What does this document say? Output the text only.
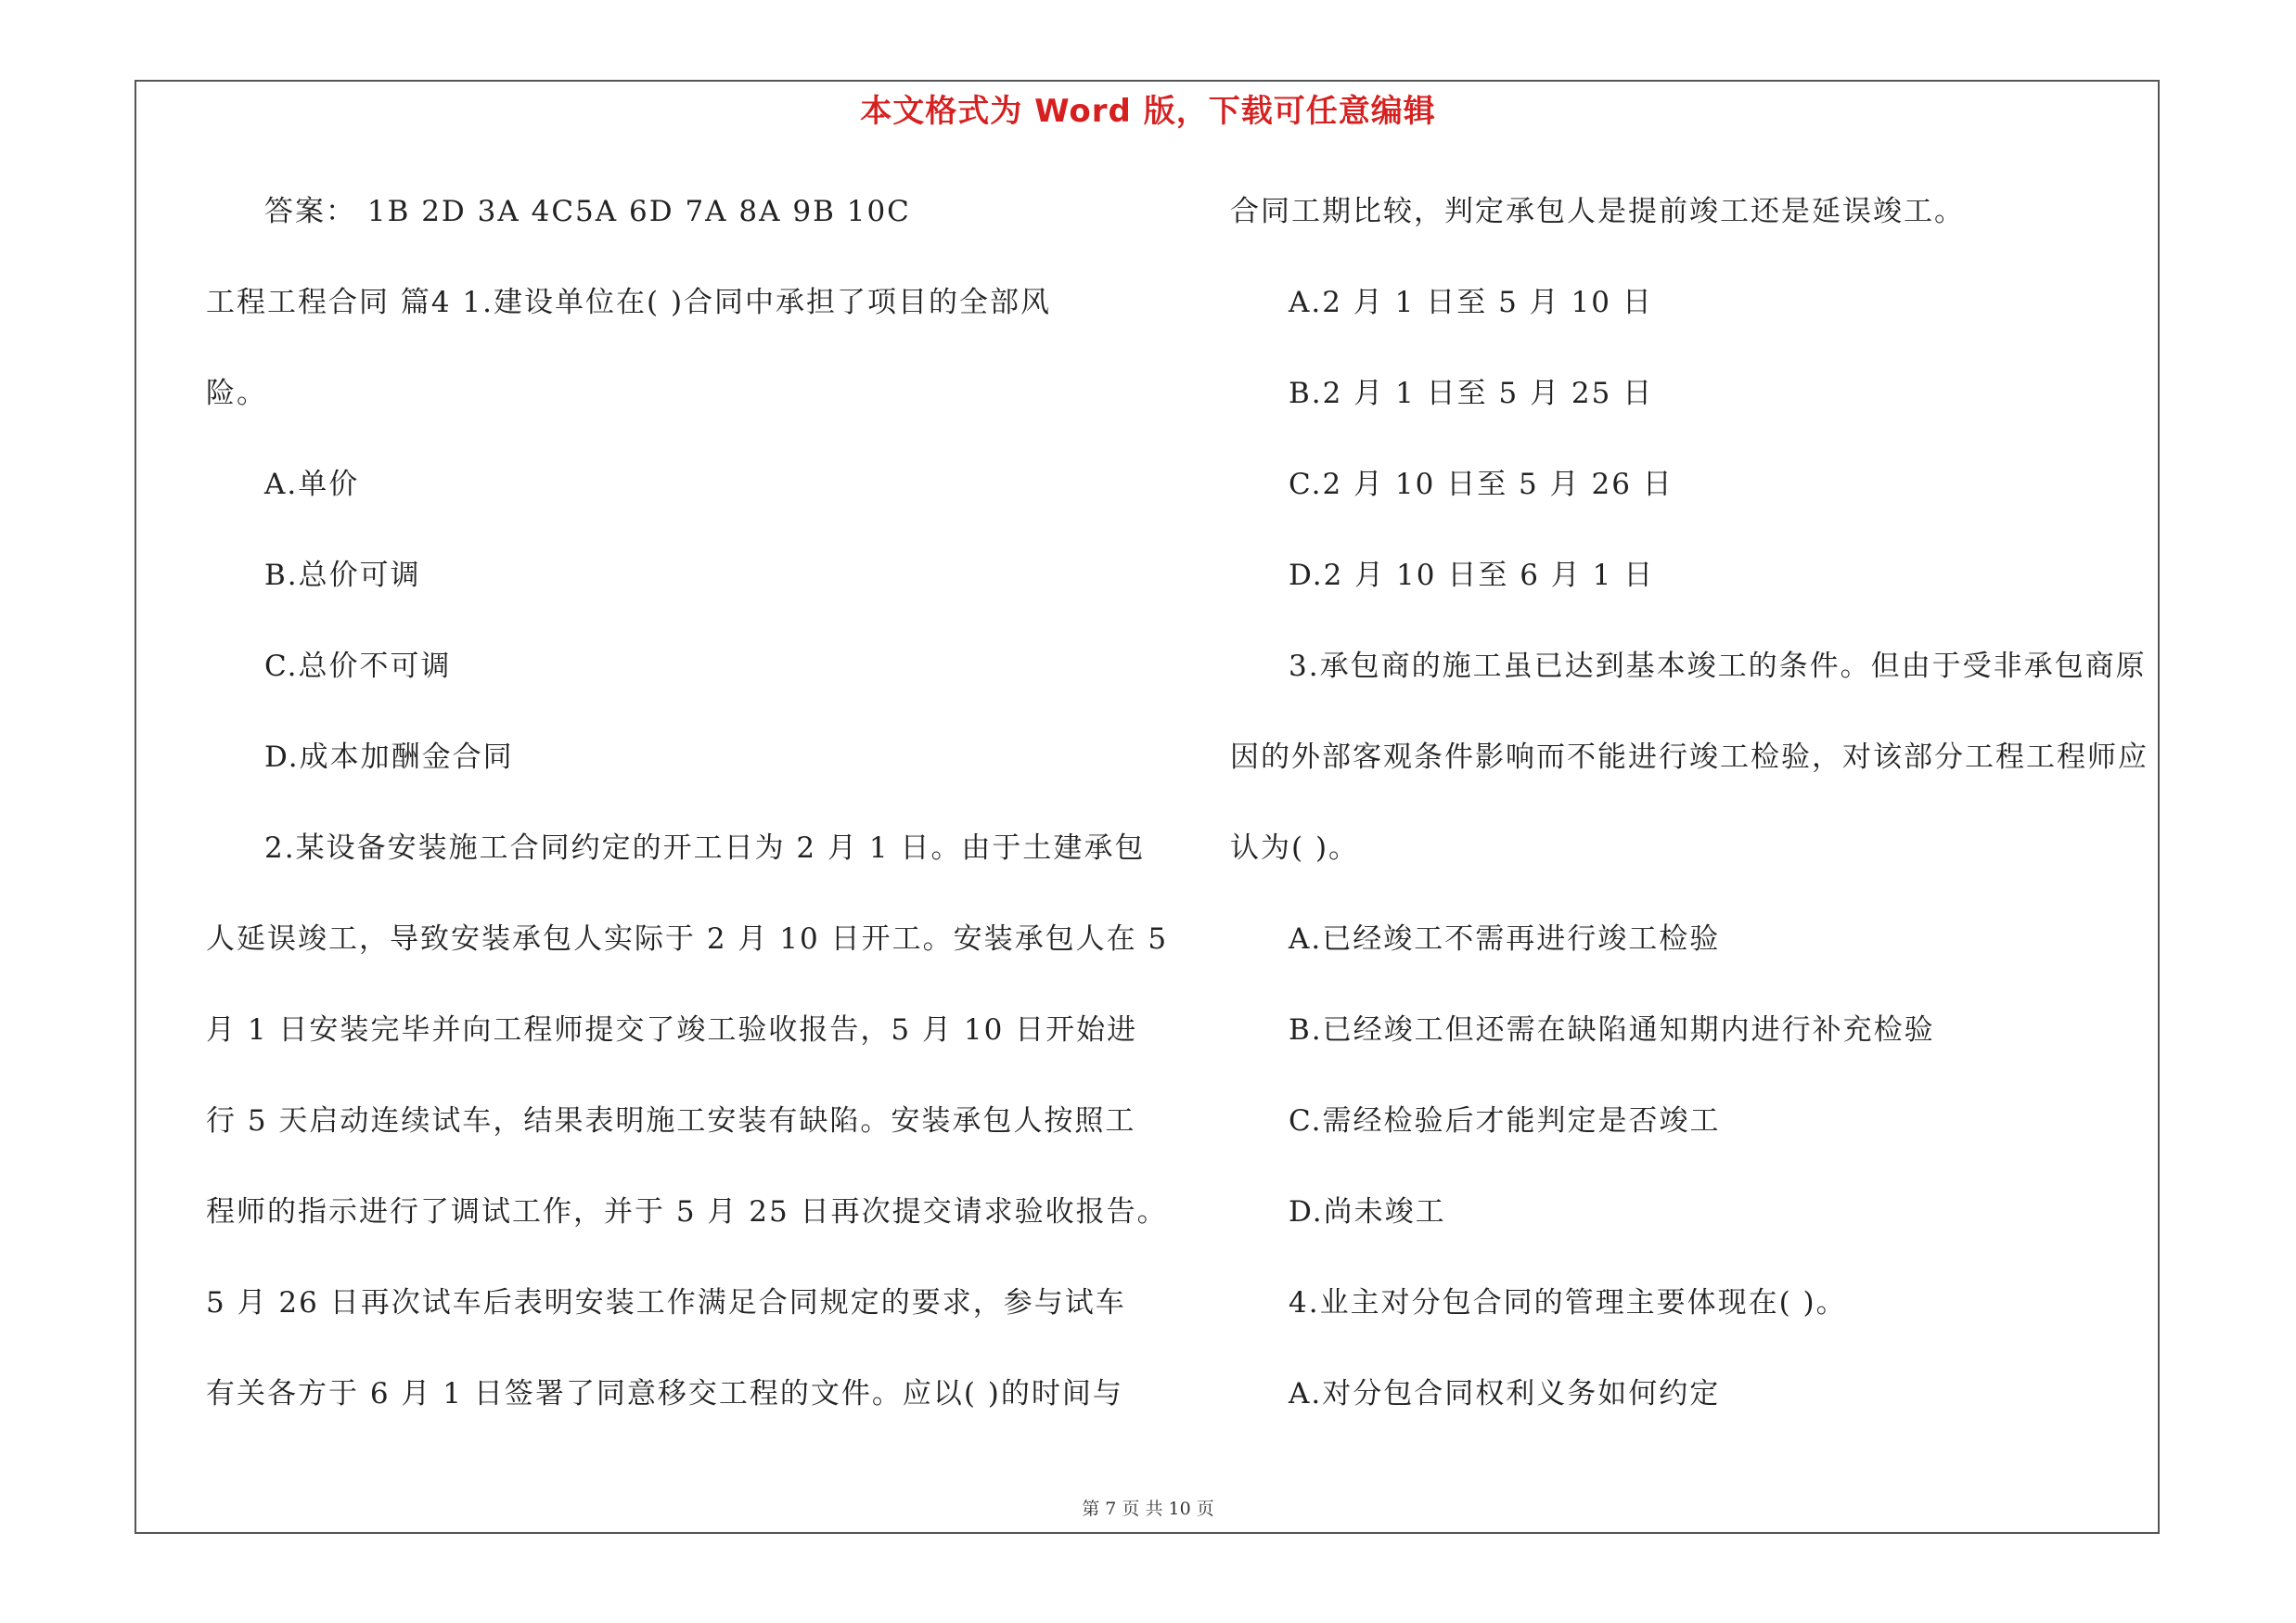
本文格式为 Word 版，下载可任意编辑
答案： 1B 2D 3A 4C5A 6D 7A 8A 9B 10C
工程工程合同 篇4 1.建设单位在( )合同中承担了项目的全部风
险。
A.单价
B.总价可调
C.总价不可调
D.成本加酬金合同
2.某设备安装施工合同约定的开工日为 2 月 1 日。由于土建承包
人延误竣工，导致安装承包人实际于 2 月 10 日开工。安装承包人在 5
月 1 日安装完毕并向工程师提交了竣工验收报告，5 月 10 日开始进
行 5 天启动连续试车，结果表明施工安装有缺陷。安装承包人按照工
程师的指示进行了调试工作，并于 5 月 25 日再次提交请求验收报告。
5 月 26 日再次试车后表明安装工作满足合同规定的要求，参与试车
有关各方于 6 月 1 日签署了同意移交工程的文件。应以( )的时间与
合同工期比较，判定承包人是提前竣工还是延误竣工。
A.2 月 1 日至 5 月 10 日
B.2 月 1 日至 5 月 25 日
C.2 月 10 日至 5 月 26 日
D.2 月 10 日至 6 月 1 日
3.承包商的施工虽已达到基本竣工的条件。但由于受非承包商原
因的外部客观条件影响而不能进行竣工检验，对该部分工程工程师应
认为( )。
A.已经竣工不需再进行竣工检验
B.已经竣工但还需在缺陷通知期内进行补充检验
C.需经检验后才能判定是否竣工
D.尚未竣工
4.业主对分包合同的管理主要体现在( )。
A.对分包合同权利义务如何约定
第 7 页 共 10 页
